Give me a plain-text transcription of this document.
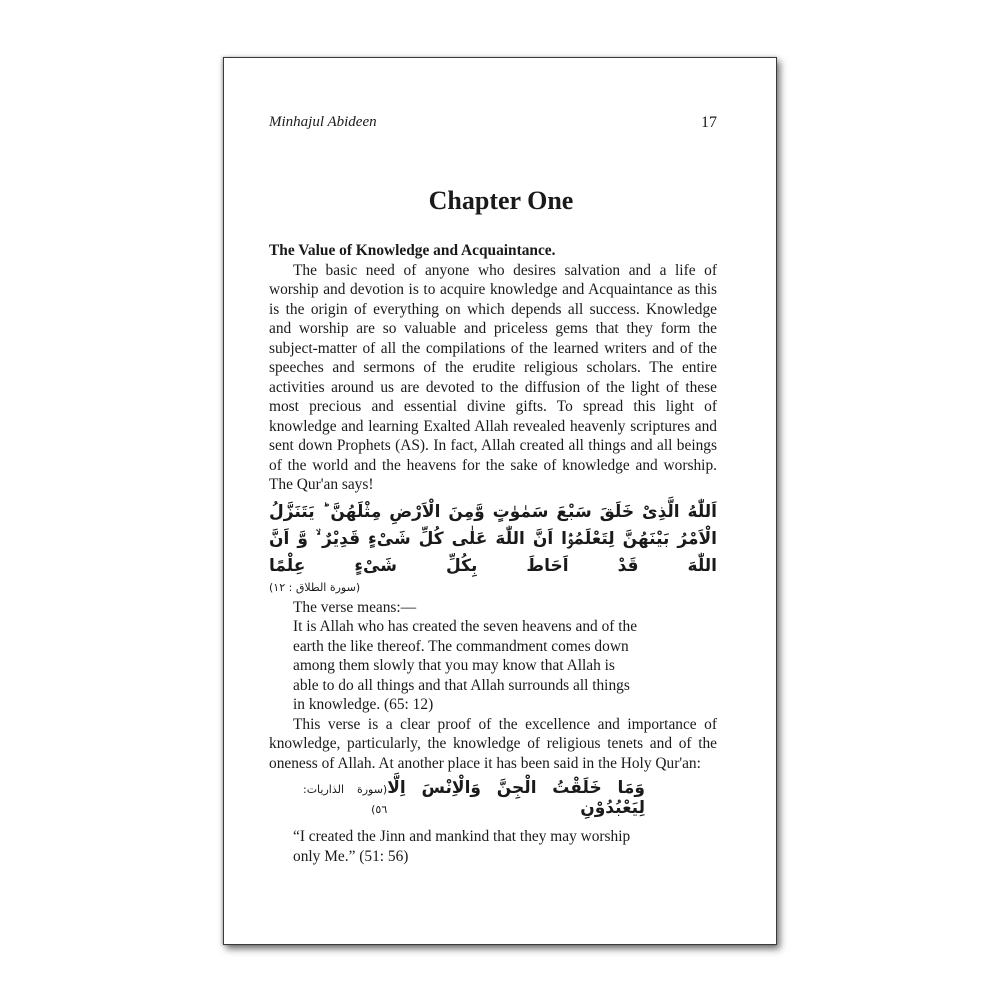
Minhajul Abideen	17
Chapter One

The Value of Knowledge and Acquaintance.

The basic need of anyone who desires salvation and a life of worship and devotion is to acquire knowledge and Acquaintance as this is the origin of everything on which depends all success. Knowledge and worship are so valuable and priceless gems that they form the subject-matter of all the compilations of the learned writers and of the speeches and sermons of the erudite religious scholars. The entire activities around us are devoted to the diffusion of the light of these most precious and essential divine gifts. To spread this light of knowledge and learning Exalted Allah revealed heavenly scriptures and sent down Prophets (AS). In fact, Allah created all things and all beings of the world and the heavens for the sake of knowledge and worship. The Qur'an says!

اَللّٰهُ الَّذِیْ خَلَقَ سَبْعَ سَمٰوٰتٍ وَّمِنَ الْاَرْضِ مِثْلَهُنَّ ؕ یَتَنَزَّلُ الْاَمْرُ بَیْنَهُنَّ لِتَعْلَمُوْۤا اَنَّ اللّٰهَ عَلٰی كُلِّ شَیْءٍ قَدِیْرٌ ۙ وَّ اَنَّ اللّٰهَ قَدْ اَحَاطَ بِكُلِّ شَیْءٍ عِلْمًا
(سورة الطلاق : ۱۲)

The verse means:—

It is Allah who has created the seven heavens and of the

earth the like thereof. The commandment comes down

among them slowly that you may know that Allah is

able to do all things and that Allah surrounds all things

in knowledge. (65: 12)

This verse is a clear proof of the excellence and importance of knowledge, particularly, the knowledge of religious tenets and of the oneness of Allah. At another place it has been said in the Holy Qur'an:

(سورة الذاريات: ٥٦)
وَمَا خَلَقْتُ الْجِنَّ وَالْاِنْسَ اِلَّا لِیَعْبُدُوْنِ

“I created the Jinn and mankind that they may worship

only Me.” (51: 56)
